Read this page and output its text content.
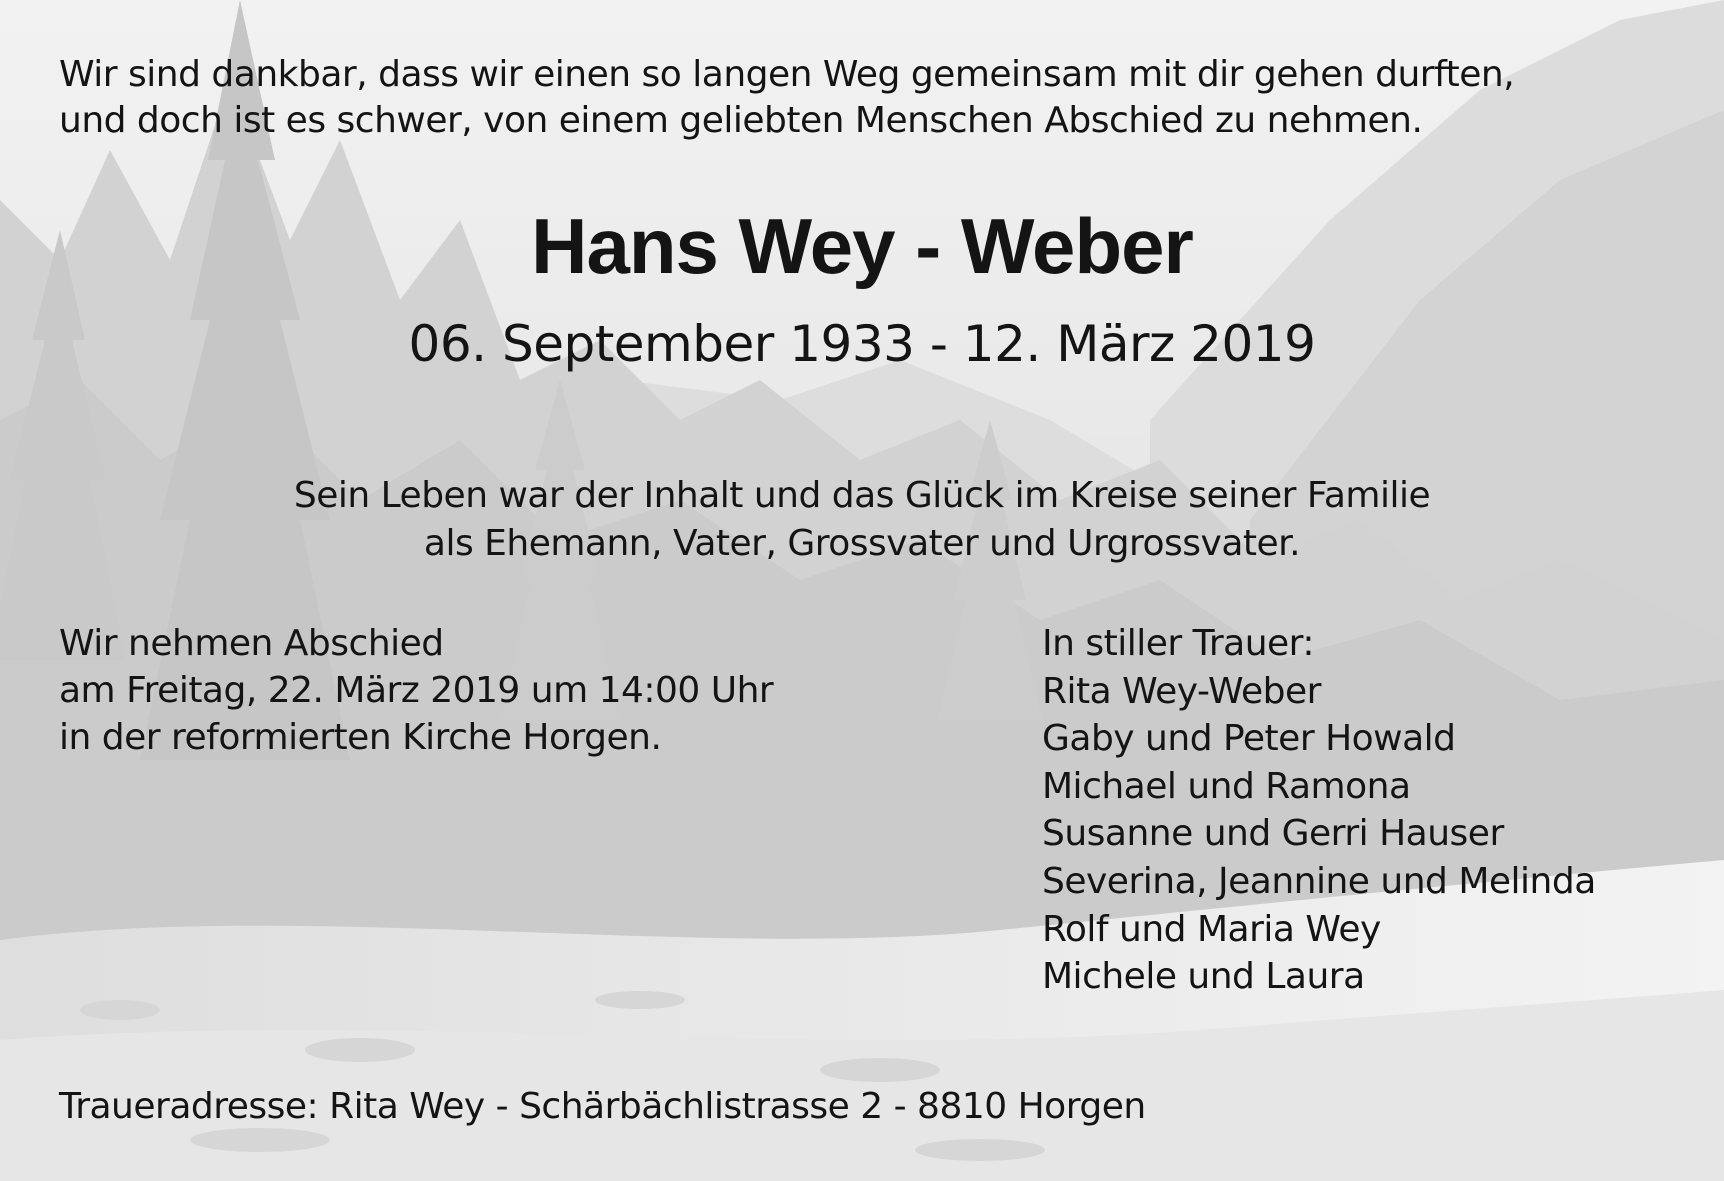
Wir sind dankbar, dass wir einen so langen Weg gemeinsam mit dir gehen durften,
und doch ist es schwer, von einem geliebten Menschen Abschied zu nehmen.
Hans Wey - Weber
06. September 1933 - 12. März 2019
Sein Leben war der Inhalt und das Glück im Kreise seiner Familie
als Ehemann, Vater, Grossvater und Urgrossvater.
Wir nehmen Abschied
am Freitag, 22. März 2019 um 14:00 Uhr
in der reformierten Kirche Horgen.
In stiller Trauer:
Rita Wey-Weber
Gaby und Peter Howald
Michael und Ramona
Susanne und Gerri Hauser
Severina, Jeannine und Melinda
Rolf und Maria Wey
Michele und Laura
Traueradresse: Rita Wey - Schärbächlistrasse 2 - 8810 Horgen
